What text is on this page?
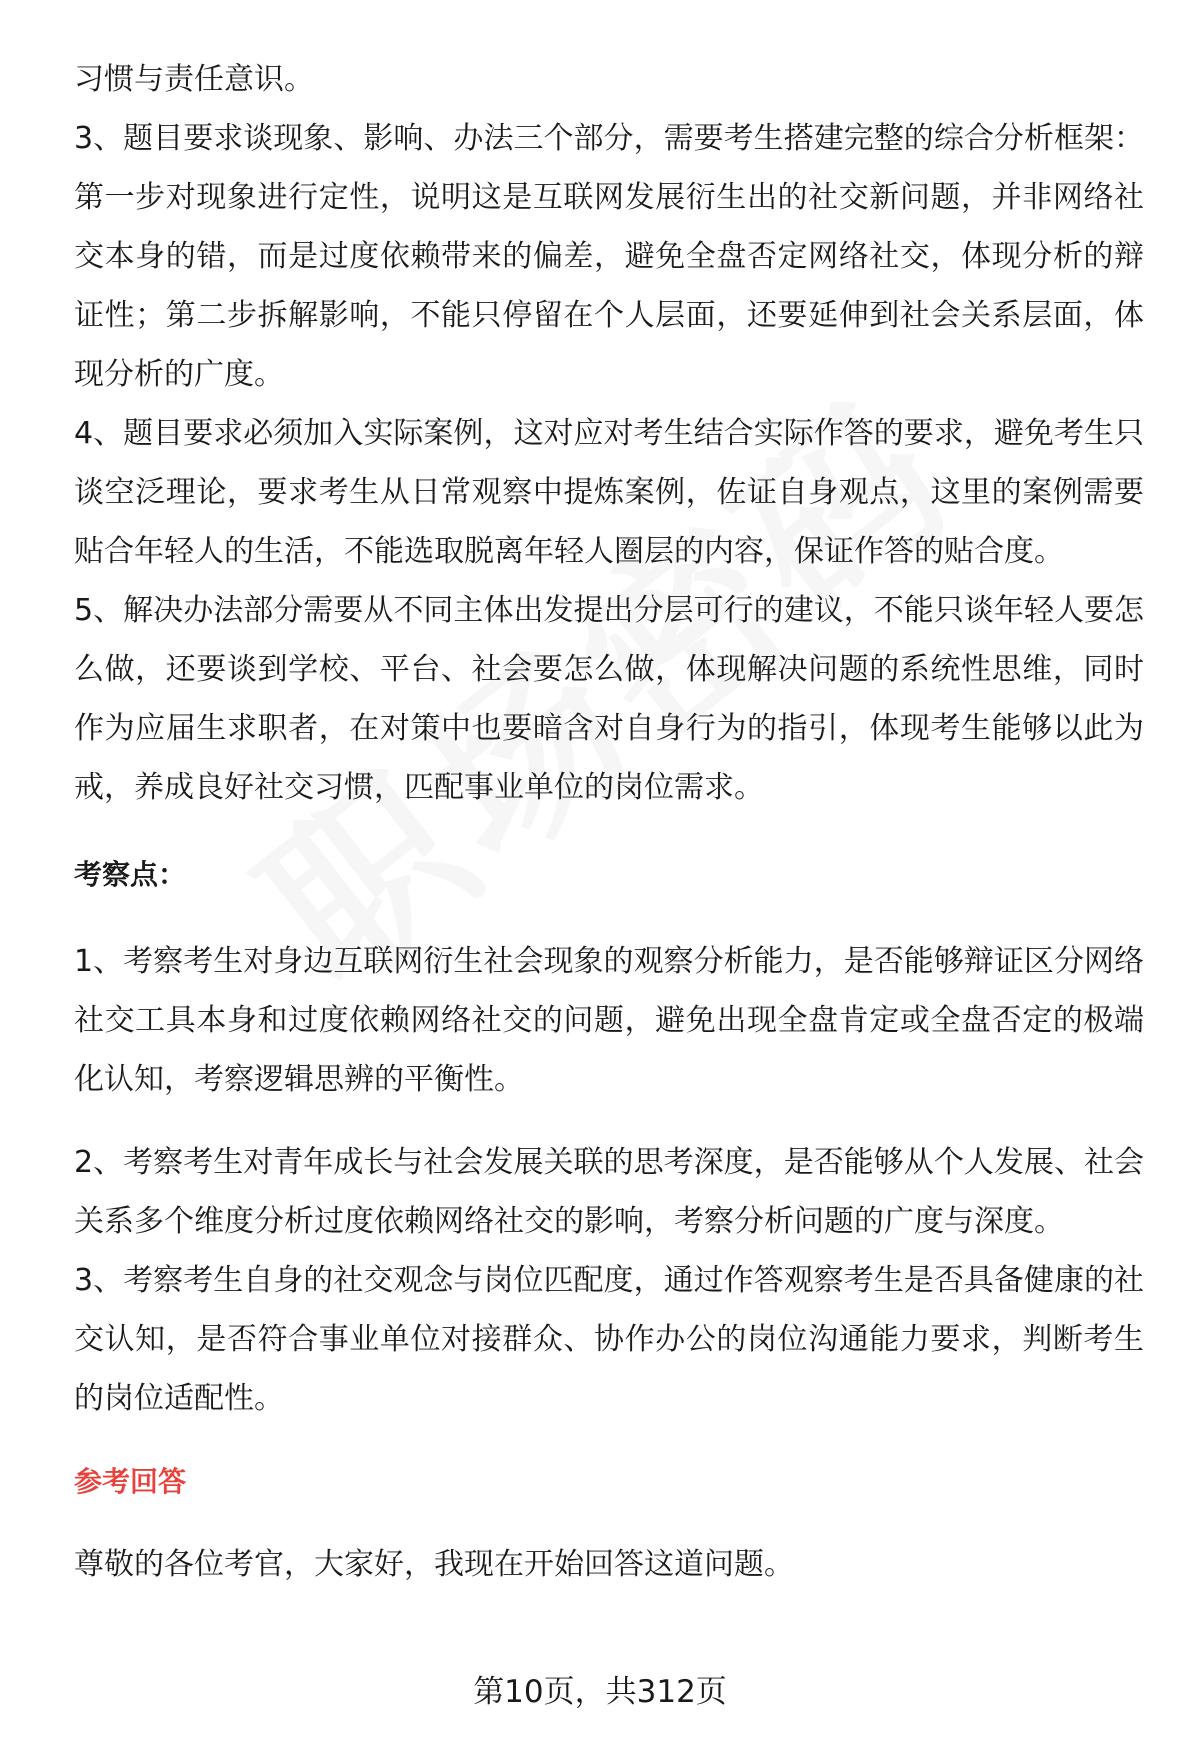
习惯与责任意识。

3、题目要求谈现象、影响、办法三个部分，需要考生搭建完整的综合分析框架：第一步对现象进行定性，说明这是互联网发展衍生出的社交新问题，并非网络社交本身的错，而是过度依赖带来的偏差，避免全盘否定网络社交，体现分析的辩证性；第二步拆解影响，不能只停留在个人层面，还要延伸到社会关系层面，体现分析的广度。

4、题目要求必须加入实际案例，这对应对考生结合实际作答的要求，避免考生只谈空泛理论，要求考生从日常观察中提炼案例，佐证自身观点，这里的案例需要贴合年轻人的生活，不能选取脱离年轻人圈层的内容，保证作答的贴合度。

5、解决办法部分需要从不同主体出发提出分层可行的建议，不能只谈年轻人要怎么做，还要谈到学校、平台、社会要怎么做，体现解决问题的系统性思维，同时作为应届生求职者，在对策中也要暗含对自身行为的指引，体现考生能够以此为戒，养成良好社交习惯，匹配事业单位的岗位需求。

考察点：

1、考察考生对身边互联网衍生社会现象的观察分析能力，是否能够辩证区分网络社交工具本身和过度依赖网络社交的问题，避免出现全盘肯定或全盘否定的极端化认知，考察逻辑思辨的平衡性。

2、考察考生对青年成长与社会发展关联的思考深度，是否能够从个人发展、社会关系多个维度分析过度依赖网络社交的影响，考察分析问题的广度与深度。

3、考察考生自身的社交观念与岗位匹配度，通过作答观察考生是否具备健康的社交认知，是否符合事业单位对接群众、协作办公的岗位沟通能力要求，判断考生的岗位适配性。

参考回答

尊敬的各位考官，大家好，我现在开始回答这道问题。

第10页，共312页
